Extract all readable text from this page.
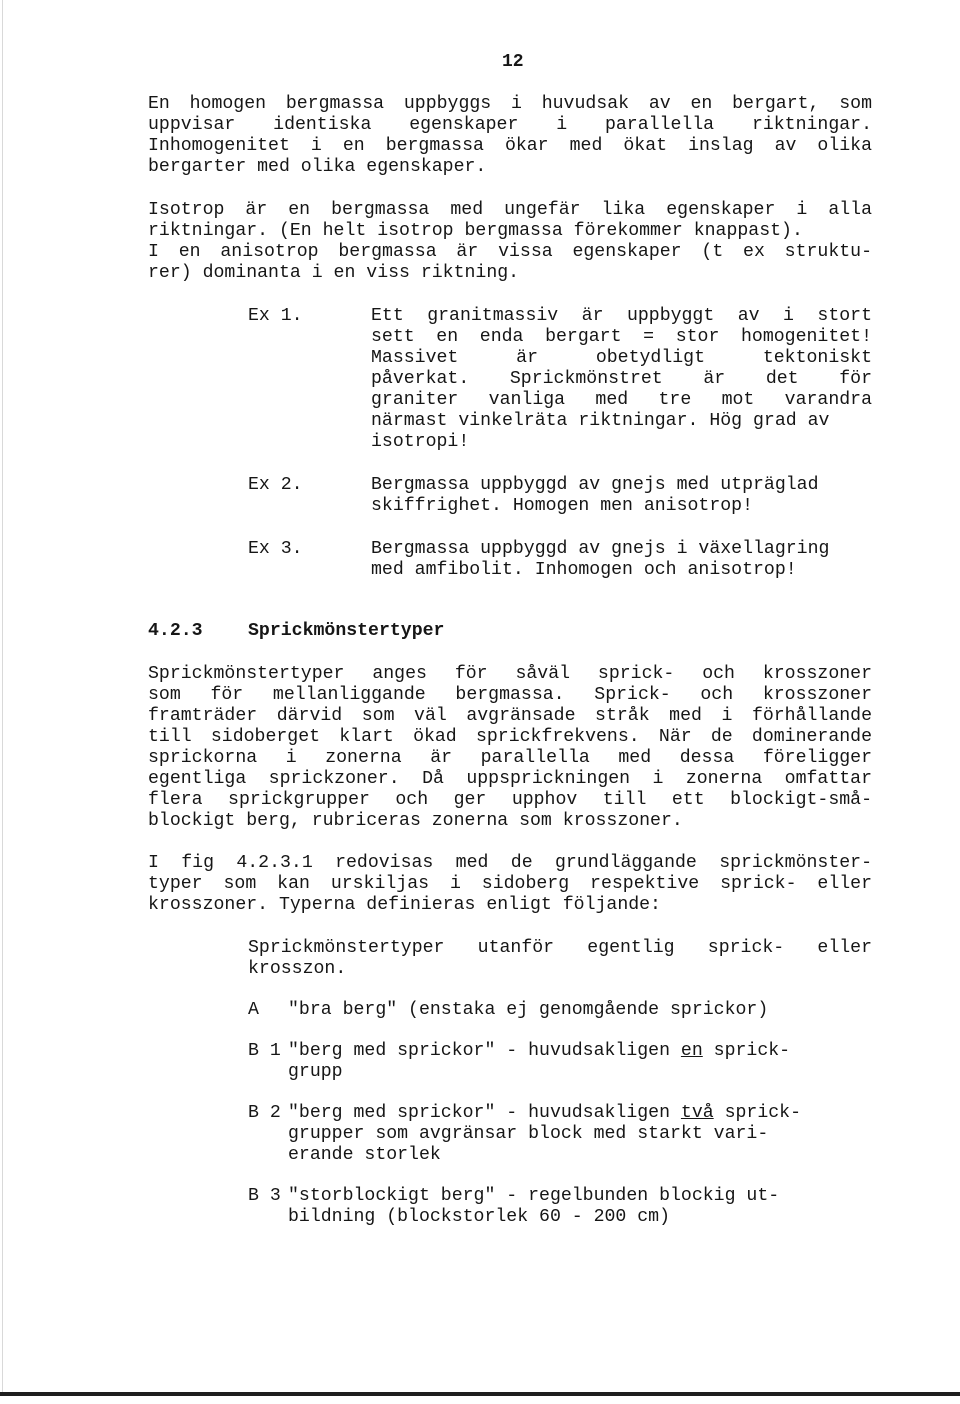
12
En homogen bergmassa uppbyggs i huvudsak av en bergart, som
uppvisar identiska egenskaper i parallella riktningar.
Inhomogenitet i en bergmassa ökar med ökat inslag av olika
bergarter med olika egenskaper.
Isotrop är en bergmassa med ungefär lika egenskaper i alla
riktningar. (En helt isotrop bergmassa förekommer knappast).
I en anisotrop bergmassa är vissa egenskaper (t ex struktu-
rer) dominanta i en viss riktning.
Ex 1.	Ett granitmassiv är uppbyggt av i stort
sett en enda bergart = stor homogenitet!
Massivet är obetydligt tektoniskt
påverkat. Sprickmönstret är det för
graniter vanliga med tre mot varandra
närmast vinkelräta riktningar. Hög grad av
isotropi!
Ex 2.	Bergmassa uppbyggd av gnejs med utpräglad
skiffrighet. Homogen men anisotrop!
Ex 3.	Bergmassa uppbyggd av gnejs i växellagring
med amfibolit. Inhomogen och anisotrop!
4.2.3 Sprickmönstertyper
Sprickmönstertyper anges för såväl sprick- och krosszoner
som för mellanliggande bergmassa. Sprick- och krosszoner
framträder därvid som väl avgränsade stråk med i förhållande
till sidoberget klart ökad sprickfrekvens. När de dominerande
sprickorna i zonerna är parallella med dessa föreligger
egentliga sprickzoner. Då uppsprickningen i zonerna omfattar
flera sprickgrupper och ger upphov till ett blockigt-små-
blockigt berg, rubriceras zonerna som krosszoner.
I fig 4.2.3.1 redovisas med de grundläggande sprickmönster-
typer som kan urskiljas i sidoberg respektive sprick- eller
krosszoner. Typerna definieras enligt följande:
Sprickmönstertyper utanför egentlig sprick- eller
krosszon.
A "bra berg" (enstaka ej genomgående sprickor)
B 1 "berg med sprickor" - huvudsakligen en sprick-
grupp
B 2 "berg med sprickor" - huvudsakligen två sprick-
grupper som avgränsar block med starkt vari-
erande storlek
B 3 "storblockigt berg" - regelbunden blockig ut-
bildning (blockstorlek 60 - 200 cm)
